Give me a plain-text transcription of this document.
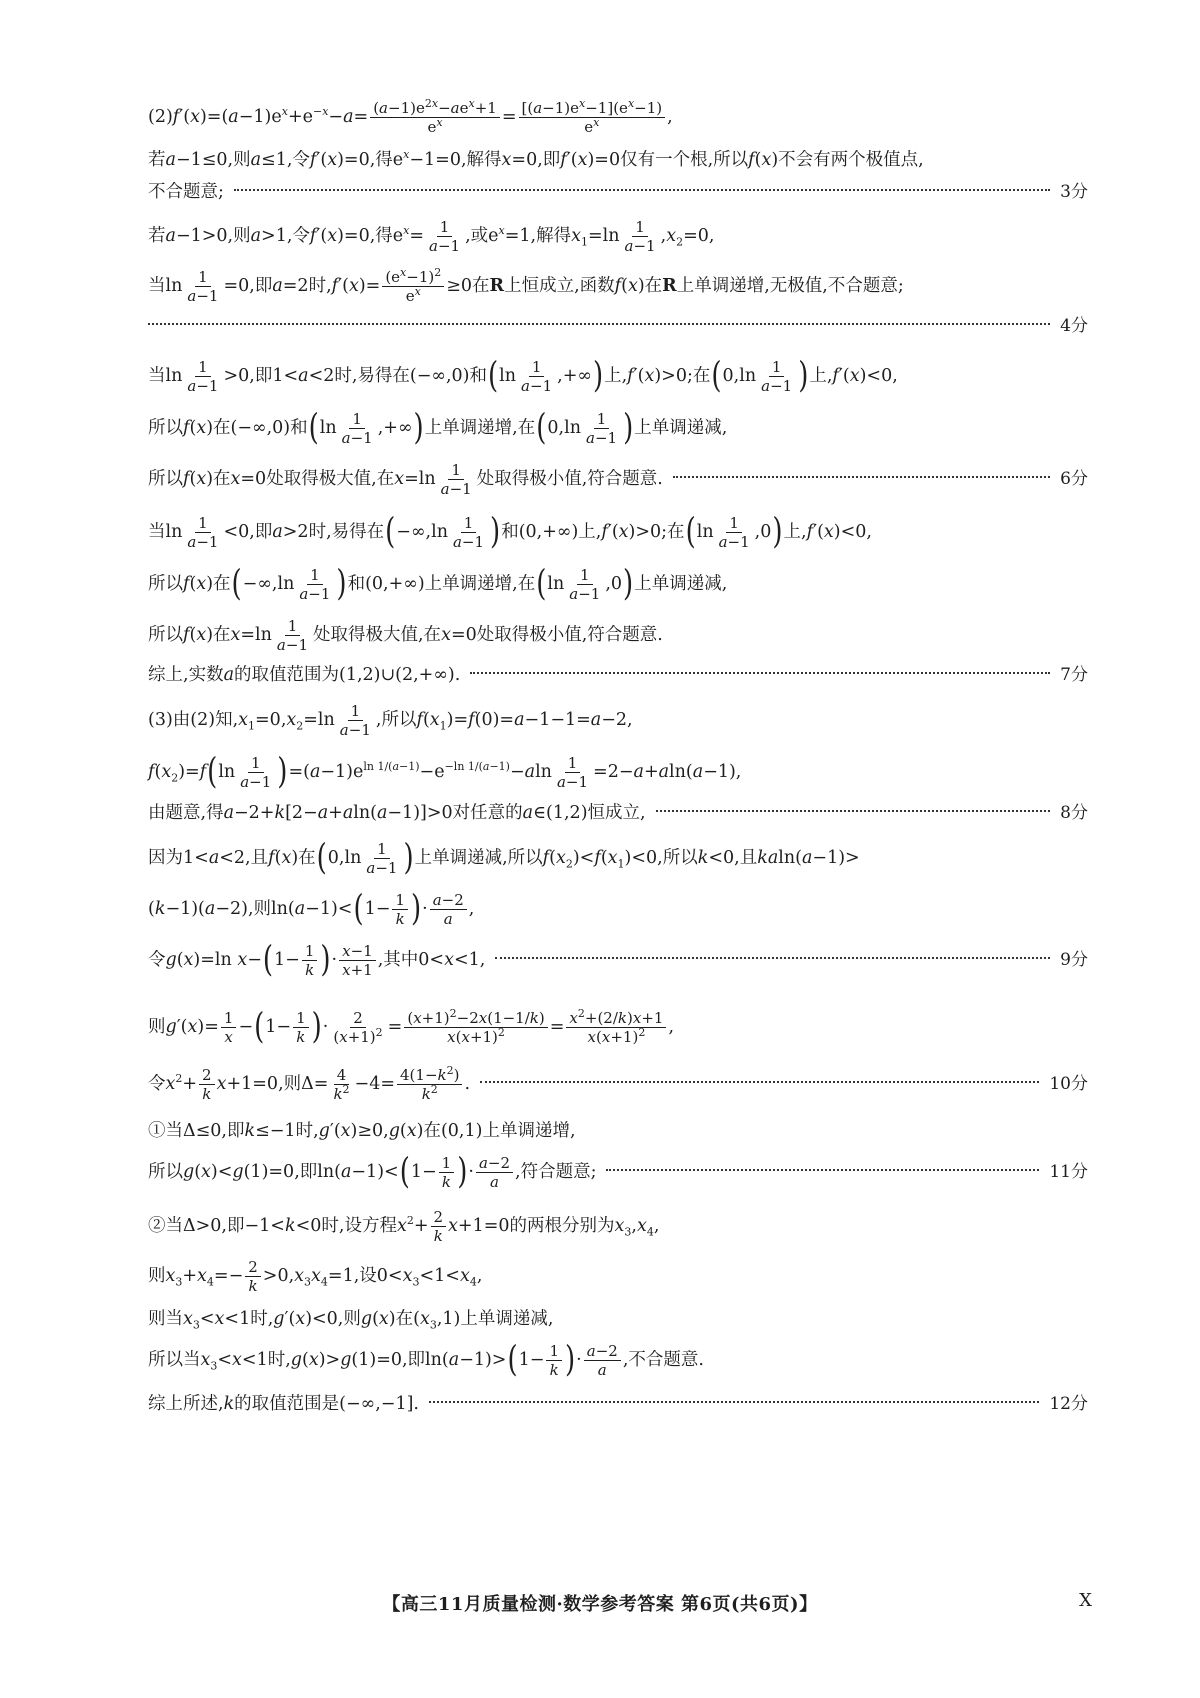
$(2)f'(x)=(a-1)e^x+e^{-x}-a= \frac{(a-1)e^{2x}-ae^x+1}{e^x} = \frac{[(a-1)e^x-1](e^x-1)}{e^x}$ ,
若a−1≤0,则a≤1,令f′(x)=0,得$e^x-1=0$,解得x=0,即f′(x)=0仅有一个根,所以f(x)不会有两个极值点,
不合题意;	3分
若a−1>0,则a>1,令f′(x)=0,得$e^x= \frac{1}{a-1}$ ,或$e^x=1$,解得$x_1=\ln \frac{1}{a-1} ,x_2=0$,
当$\ln \frac{1}{a-1} =0$,即a=2时$,f'(x)= \frac{(e^x-1)^2}{e^x} \ge 0$在R上恒成立,函数f(x)在R上单调递增,无极值,不合题意;
4分
当$\ln \frac{1}{a-1} >0$,即1<a<2时,易得在(−∞,0)和 ( $\ln \frac{1}{a-1}$ ,+∞ ) 上,f′(x)>0;在 ( $0,\ln \frac{1}{a-1}$ ) 上,f′(x)<0,
所以f(x)在(−∞,0)和 ( $\ln \frac{1}{a-1}$ ,+∞ ) 上单调递增,在 ( $0,\ln \frac{1}{a-1}$ ) 上单调递减,
所以f(x)在x=0处取得极大值,在$x=\ln \frac{1}{a-1}$ 处取得极小值,符合题意.	6分
当$\ln \frac{1}{a-1} <0$,即a>2时,易得在 ( $-\infty,\ln \frac{1}{a-1}$ ) 和(0,+∞)上,f′(x)>0;在 ( $\ln \frac{1}{a-1} ,0$ ) 上,f′(x)<0,
所以f(x)在 ( $-\infty,\ln \frac{1}{a-1}$ ) 和(0,+∞)上单调递增,在 ( $\ln \frac{1}{a-1} ,0$ ) 上单调递减,
所以f(x)在$x=\ln \frac{1}{a-1}$ 处取得极大值,在x=0处取得极小值,符合题意.
综上,实数a的取值范围为(1,2)∪(2,+∞).	7分
(3)由(2)知$,x_1=0,x_2=\ln \frac{1}{a-1}$ ,所以$f(x_1)=f(0)=a-1-1=a-2$,
$f(x_2)=f$ ( $\ln \frac{1}{a-1}$ ) $=(a-1)e^{ln 1/(a-1)}-e^{-ln 1/(a-1)}-aln \frac{1}{a-1} =2-a+aln(a-1)$,
由题意,得a−2+k[2−a+aln(a−1)]>0对任意的a∈(1,2)恒成立,	8分
因为1<a<2,且f(x)在 ( $0,\ln \frac{1}{a-1}$ ) 上单调递减,所以$f(x_2)<f(x_1)<0$,所以k<0,且kaln(a−1)>
(k−1)(a−2),则ln(a−1)< ( $1- \frac{1}{k}$ ) · $\frac{a-2}{a}$ ,
令g(x)=ln x− ( $1- \frac{1}{k}$ ) · $\frac{x-1}{x+1}$ ,其中0<x<1,	9分
则$g'(x)= \frac{1}{x}$ − ( $1- \frac{1}{k}$ ) · $\frac{2}{(x+1)^2} = \frac{(x+1)^2-2x(1-1/k)}{x(x+1)^2} = \frac{x^2+(2/k)x+1}{x(x+1)^2}$ ,
令$x^2+ \frac{2}{k} x+1=0$,则$\Delta= \frac{4}{k^2} -4= \frac{4(1-k^2)}{k^2}$ .	10分
①当Δ≤0,即k≤−1时,g′(x)≥0,g(x)在(0,1)上单调递增,
所以g(x)<g(1)=0,即ln(a−1)< ( $1- \frac{1}{k}$ ) · $\frac{a-2}{a}$ ,符合题意;	11分
②当Δ>0,即−1<k<0时,设方程$x^2+ \frac{2}{k} x+1=0$的两根分别为$x_3,x_4$,
则$x_3+x_4=- \frac{2}{k} >0,x_3x_4=1$,设$0<x_3<1<x_4$,
则当$x_3<x<1$时,g′(x)<0,则g(x)在$(x_3,1)$上单调递减,
所以当$x_3<x<1$时,g(x)>g(1)=0,即ln(a−1)> ( $1- \frac{1}{k}$ ) · $\frac{a-2}{a}$ ,不合题意.
综上所述,k的取值范围是(−∞,−1].	12分
【高三11月质量检测·数学参考答案 第6页(共6页)】	X
